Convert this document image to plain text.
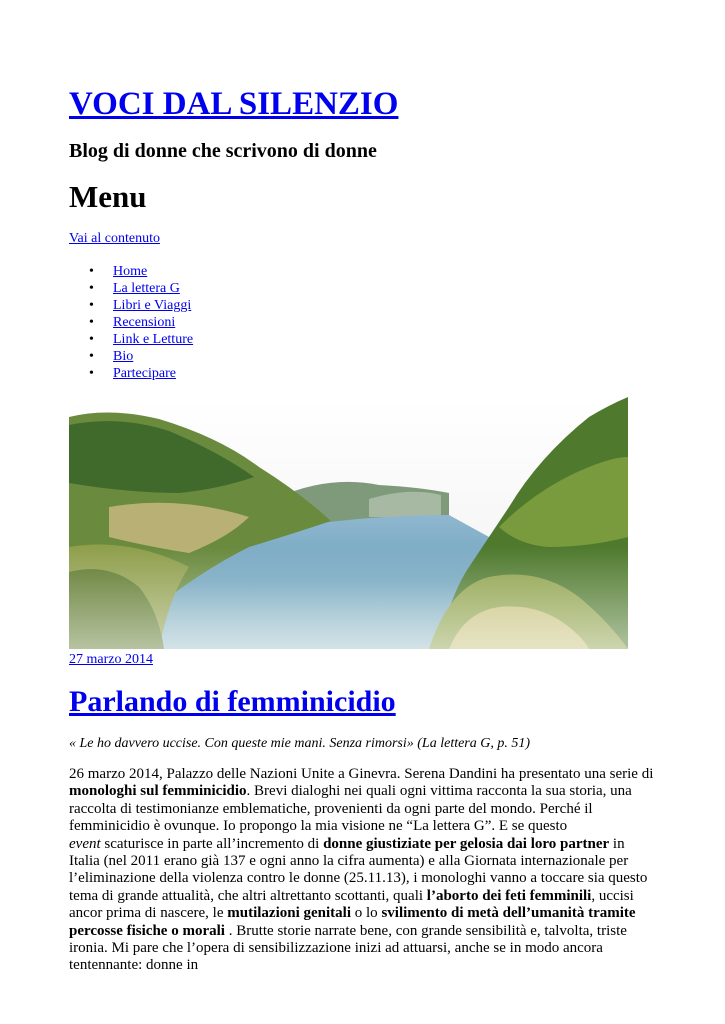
VOCI DAL SILENZIO
Blog di donne che scrivono di donne
Menu
Vai al contenuto
• Home
• La lettera G
• Libri e Viaggi
• Recensioni
• Link e Letture
• Bio
• Partecipare
27 marzo 2014
Parlando di femminicidio
« Le ho davvero uccise. Con queste mie mani. Senza rimorsi» (La lettera G, p. 51)

26 marzo 2014, Palazzo delle Nazioni Unite a Ginevra. Serena Dandini ha presentato una serie di monologhi sul femminicidio. Brevi dialoghi nei quali ogni vittima racconta la sua storia, una raccolta di testimonianze emblematiche, provenienti da ogni parte del mondo. Perché il femminicidio è ovunque. Io propongo la mia visione ne “La lettera G”. E se questo
event scaturisce in parte all’incremento di donne giustiziate per gelosia dai loro partner in Italia (nel 2011 erano già 137 e ogni anno la cifra aumenta) e alla Giornata internazionale per l’eliminazione della violenza contro le donne (25.11.13), i monologhi vanno a toccare sia questo tema di grande attualità, che altri altrettanto scottanti, quali l’aborto dei feti femminili, uccisi ancor prima di nascere, le mutilazioni genitali o lo svilimento di metà dell’umanità tramite percosse fisiche o morali . Brutte storie narrate bene, con grande sensibilità e, talvolta, triste ironia. Mi pare che l’opera di sensibilizzazione inizi ad attuarsi, anche se in modo ancora tentennante: donne in
